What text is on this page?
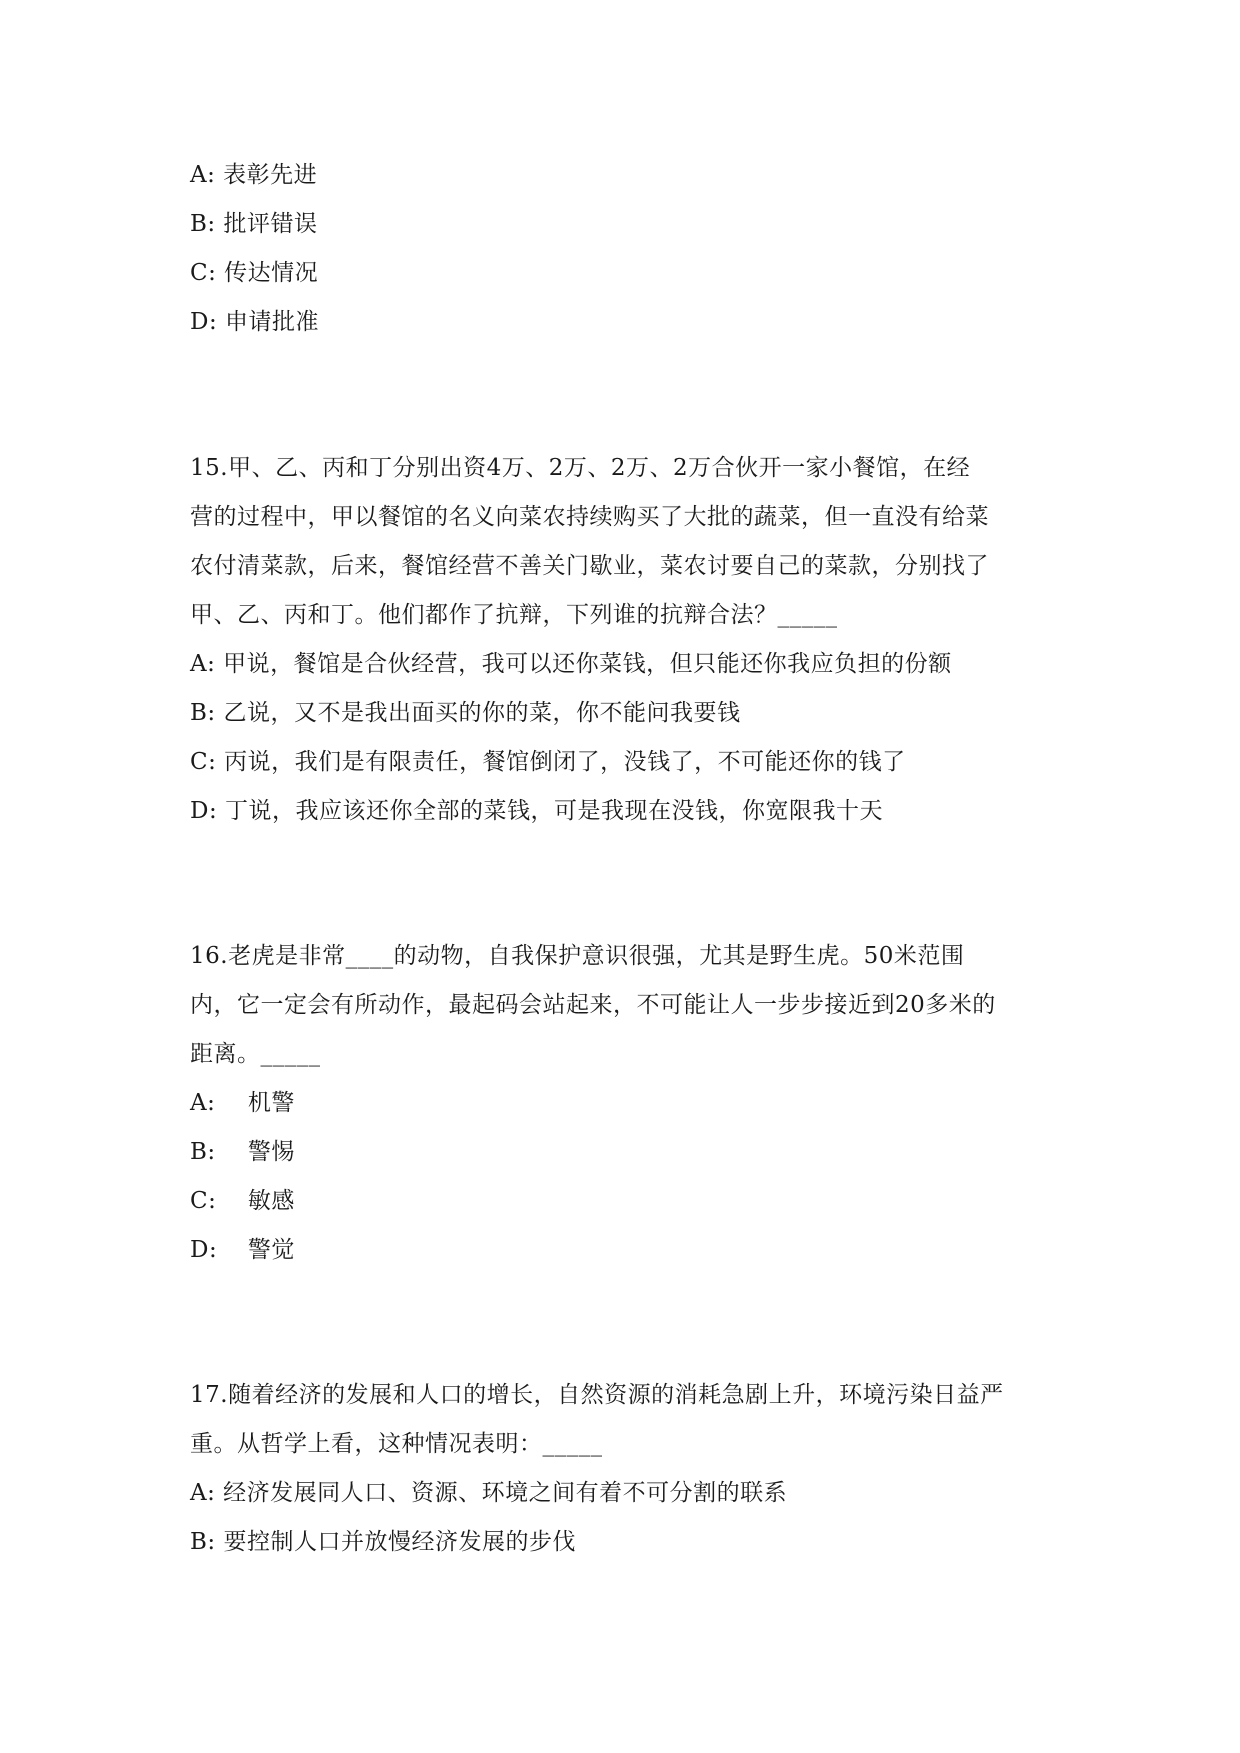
A: 表彰先进
B: 批评错误
C: 传达情况
D: 申请批准
15.甲、乙、丙和丁分别出资4万、2万、2万、2万合伙开一家小餐馆，在经
营的过程中，甲以餐馆的名义向菜农持续购买了大批的蔬菜，但一直没有给菜
农付清菜款，后来，餐馆经营不善关门歇业，菜农讨要自己的菜款，分别找了
甲、乙、丙和丁。他们都作了抗辩，下列谁的抗辩合法？_____
A: 甲说，餐馆是合伙经营，我可以还你菜钱，但只能还你我应负担的份额
B: 乙说，又不是我出面买的你的菜，你不能问我要钱
C: 丙说，我们是有限责任，餐馆倒闭了，没钱了，不可能还你的钱了
D: 丁说，我应该还你全部的菜钱，可是我现在没钱，你宽限我十天
16.老虎是非常____的动物，自我保护意识很强，尤其是野生虎。50米范围
内，它一定会有所动作，最起码会站起来，不可能让人一步步接近到20多米的
距离。_____
A: 机警
B: 警惕
C: 敏感
D: 警觉
17.随着经济的发展和人口的增长，自然资源的消耗急剧上升，环境污染日益严
重。从哲学上看，这种情况表明：_____
A: 经济发展同人口、资源、环境之间有着不可分割的联系
B: 要控制人口并放慢经济发展的步伐
